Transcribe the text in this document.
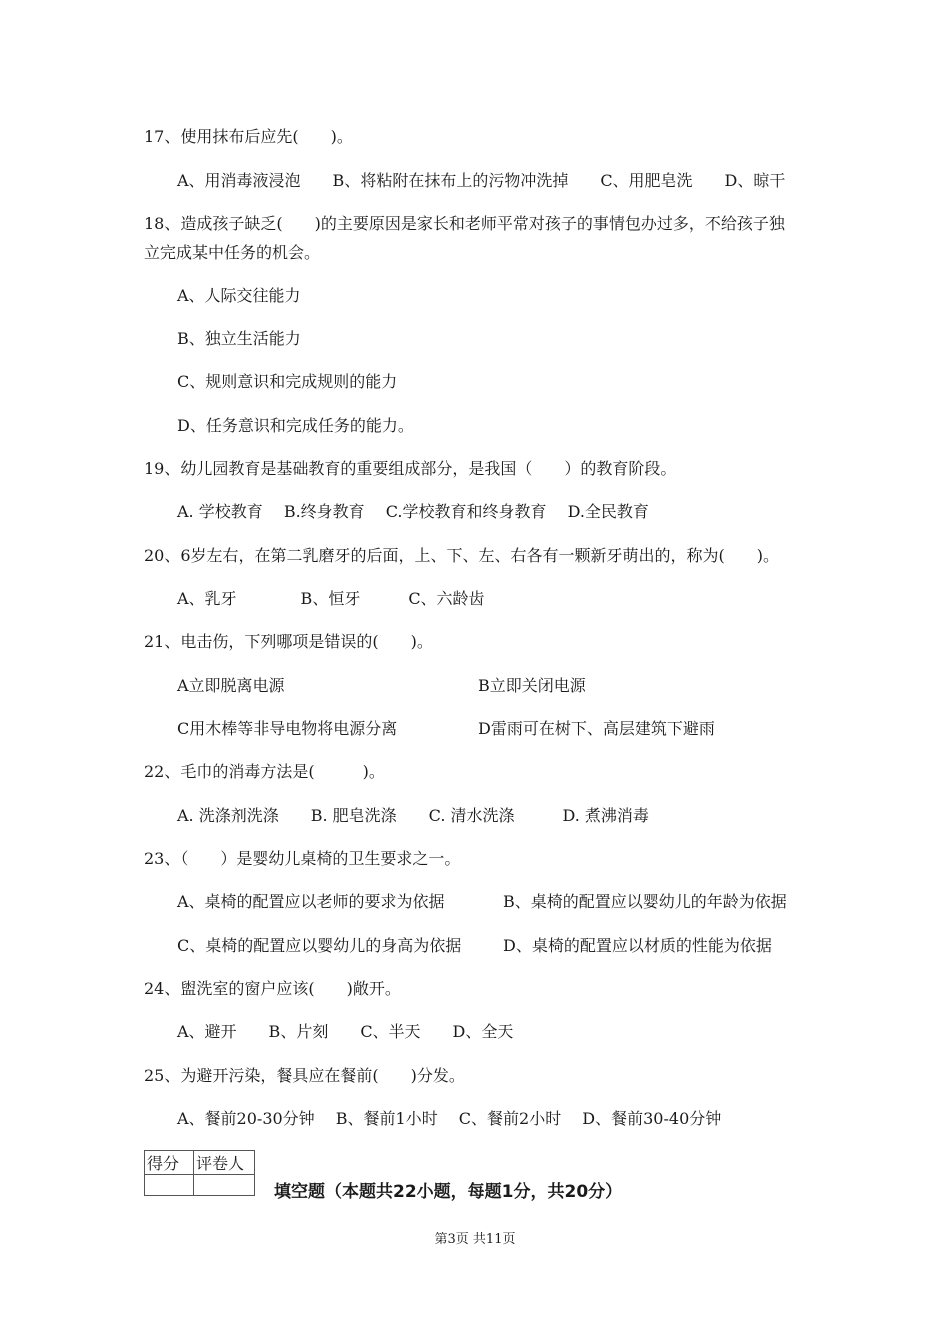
17、使用抹布后应先(　　)。
A、用消毒液浸泡　　B、将粘附在抹布上的污物冲洗掉　　C、用肥皂洗　　D、晾干
18、造成孩子缺乏(　　)的主要原因是家长和老师平常对孩子的事情包办过多，不给孩子独
立完成某中任务的机会。
A、人际交往能力
B、独立生活能力
C、规则意识和完成规则的能力
D、任务意识和完成任务的能力。
19、幼儿园教育是基础教育的重要组成部分，是我国（　　）的教育阶段。
A. 学校教育　 B.终身教育　 C.学校教育和终身教育　 D.全民教育
20、6岁左右，在第二乳磨牙的后面，上、下、左、右各有一颗新牙萌出的，称为(　　)。
A、乳牙　　　　B、恒牙　　　C、六龄齿
21、电击伤，下列哪项是错误的(　　)。
A立即脱离电源	B立即关闭电源
C用木棒等非导电物将电源分离	D雷雨可在树下、高层建筑下避雨
22、毛巾的消毒方法是(　　　)。
A. 洗涤剂洗涤　　B. 肥皂洗涤　　C. 清水洗涤　　　D. 煮沸消毒
23、（　　）是婴幼儿桌椅的卫生要求之一。
A、桌椅的配置应以老师的要求为依据	B、桌椅的配置应以婴幼儿的年龄为依据
C、桌椅的配置应以婴幼儿的身高为依据	D、桌椅的配置应以材质的性能为依据
24、盥洗室的窗户应该(　　)敞开。
A、避开　　B、片刻　　C、半天　　D、全天
25、为避开污染，餐具应在餐前(　　)分发。
A、餐前20-30分钟　 B、餐前1小时　 C、餐前2小时　 D、餐前30-40分钟
得分	评卷人

填空题（本题共22小题，每题1分，共20分）
第3页 共11页
